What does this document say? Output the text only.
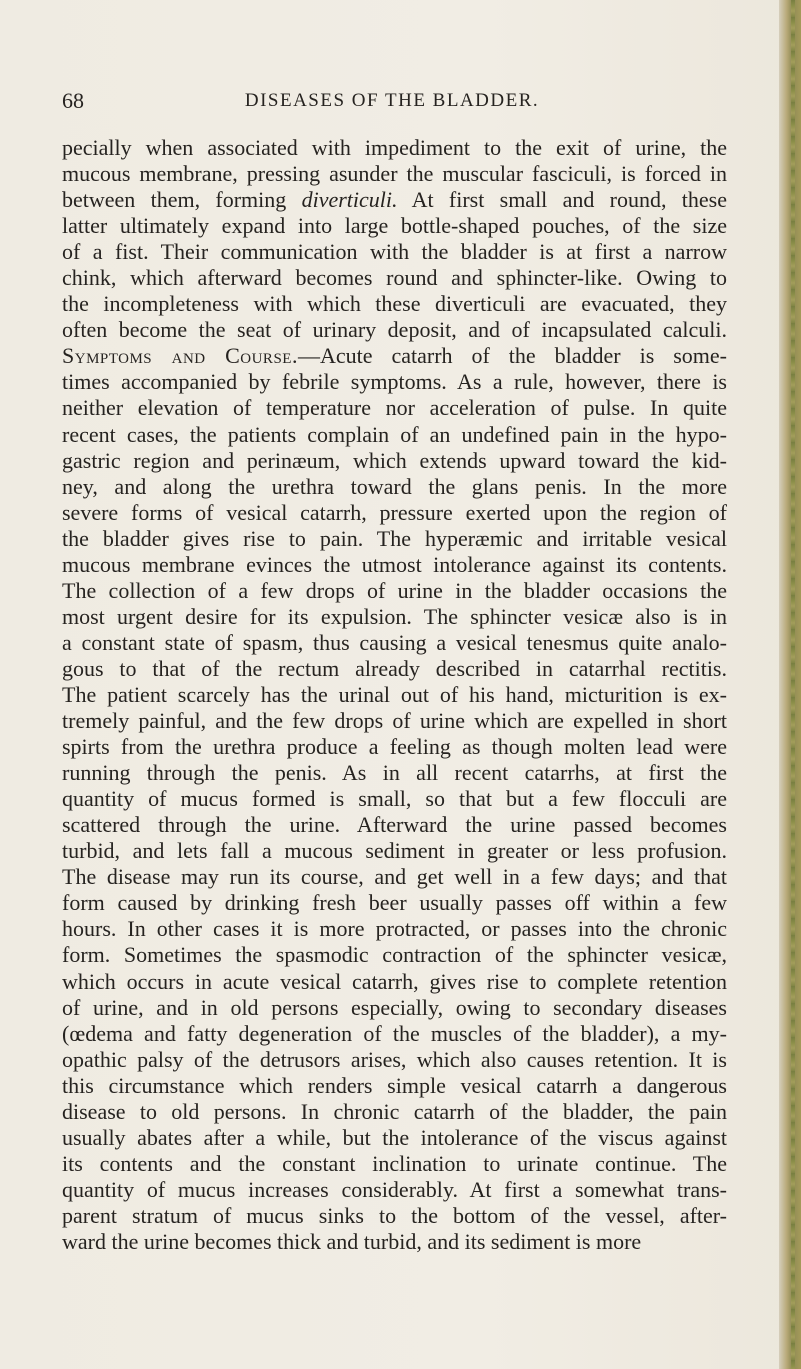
68	DISEASES OF THE BLADDER.
pecially when associated with impediment to the exit of urine, the
mucous membrane, pressing asunder the muscular fasciculi, is forced in
between them, forming diverticuli. At first small and round, these
latter ultimately expand into large bottle-shaped pouches, of the size
of a fist. Their communication with the bladder is at first a narrow
chink, which afterward becomes round and sphincter-like. Owing to
the incompleteness with which these diverticuli are evacuated, they
often become the seat of urinary deposit, and of incapsulated calculi.
Symptoms and Course.—Acute catarrh of the bladder is some-
times accompanied by febrile symptoms. As a rule, however, there is
neither elevation of temperature nor acceleration of pulse. In quite
recent cases, the patients complain of an undefined pain in the hypo-
gastric region and perinæum, which extends upward toward the kid-
ney, and along the urethra toward the glans penis. In the more
severe forms of vesical catarrh, pressure exerted upon the region of
the bladder gives rise to pain. The hyperæmic and irritable vesical
mucous membrane evinces the utmost intolerance against its contents.
The collection of a few drops of urine in the bladder occasions the
most urgent desire for its expulsion. The sphincter vesicæ also is in
a constant state of spasm, thus causing a vesical tenesmus quite analo-
gous to that of the rectum already described in catarrhal rectitis.
The patient scarcely has the urinal out of his hand, micturition is ex-
tremely painful, and the few drops of urine which are expelled in short
spirts from the urethra produce a feeling as though molten lead were
running through the penis. As in all recent catarrhs, at first the
quantity of mucus formed is small, so that but a few flocculi are
scattered through the urine. Afterward the urine passed becomes
turbid, and lets fall a mucous sediment in greater or less profusion.
The disease may run its course, and get well in a few days; and that
form caused by drinking fresh beer usually passes off within a few
hours. In other cases it is more protracted, or passes into the chronic
form. Sometimes the spasmodic contraction of the sphincter vesicæ,
which occurs in acute vesical catarrh, gives rise to complete retention
of urine, and in old persons especially, owing to secondary diseases
(œdema and fatty degeneration of the muscles of the bladder), a my-
opathic palsy of the detrusors arises, which also causes retention. It is
this circumstance which renders simple vesical catarrh a dangerous
disease to old persons. In chronic catarrh of the bladder, the pain
usually abates after a while, but the intolerance of the viscus against
its contents and the constant inclination to urinate continue. The
quantity of mucus increases considerably. At first a somewhat trans-
parent stratum of mucus sinks to the bottom of the vessel, after-
ward the urine becomes thick and turbid, and its sediment is more
